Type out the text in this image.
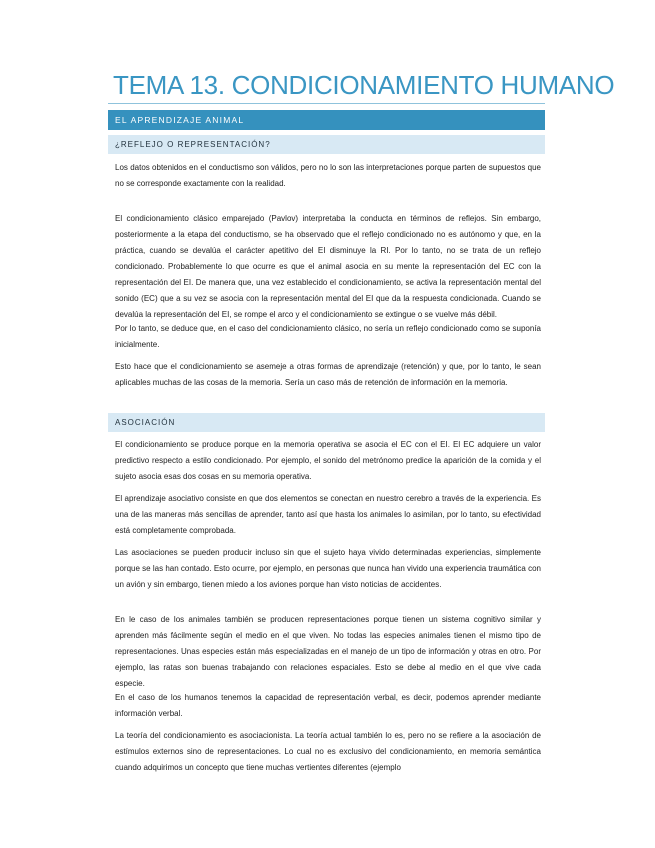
TEMA 13. CONDICIONAMIENTO HUMANO
EL APRENDIZAJE ANIMAL
¿REFLEJO O REPRESENTACIÓN?

Los datos obtenidos en el conductismo son válidos, pero no lo son las interpretaciones porque parten de supuestos que no se corresponde exactamente con la realidad.

El condicionamiento clásico emparejado (Pavlov) interpretaba la conducta en términos de reflejos. Sin embargo, posteriormente a la etapa del conductismo, se ha observado que el reflejo condicionado no es autónomo y que, en la práctica, cuando se devalúa el carácter apetitivo del EI disminuye la RI. Por lo tanto, no se trata de un reflejo condicionado. Probablemente lo que ocurre es que el animal asocia en su mente la representación del EC con la representación del EI. De manera que, una vez establecido el condicionamiento, se activa la representación mental del sonido (EC) que a su vez se asocia con la representación mental del EI que da la respuesta condicionada. Cuando se devalúa la representación del EI, se rompe el arco y el condicionamiento se extingue o se vuelve más débil.

Por lo tanto, se deduce que, en el caso del condicionamiento clásico, no sería un reflejo condicionado como se suponía inicialmente.

Esto hace que el condicionamiento se asemeje a otras formas de aprendizaje (retención) y que, por lo tanto, le sean aplicables muchas de las cosas de la memoria. Sería un caso más de retención de información en la memoria.

ASOCIACIÓN

El condicionamiento se produce porque en la memoria operativa se asocia el EC con el EI. El EC adquiere un valor predictivo respecto a estilo condicionado. Por ejemplo, el sonido del metrónomo predice la aparición de la comida y el sujeto asocia esas dos cosas en su memoria operativa.

El aprendizaje asociativo consiste en que dos elementos se conectan en nuestro cerebro a través de la experiencia. Es una de las maneras más sencillas de aprender, tanto así que hasta los animales lo asimilan, por lo tanto, su efectividad está completamente comprobada.

Las asociaciones se pueden producir incluso sin que el sujeto haya vivido determinadas experiencias, simplemente porque se las han contado. Esto ocurre, por ejemplo, en personas que nunca han vivido una experiencia traumática con un avión y sin embargo, tienen miedo a los aviones porque han visto noticias de accidentes.

En le caso de los animales también se producen representaciones porque tienen un sistema cognitivo similar y aprenden más fácilmente según el medio en el que viven. No todas las especies animales tienen el mismo tipo de representaciones. Unas especies están más especializadas en el manejo de un tipo de información y otras en otro. Por ejemplo, las ratas son buenas trabajando con relaciones espaciales. Esto se debe al medio en el que vive cada especie.

En el caso de los humanos tenemos la capacidad de representación verbal, es decir, podemos aprender mediante información verbal.

La teoría del condicionamiento es asociacionista. La teoría actual también lo es, pero no se refiere a la asociación de estímulos externos sino de representaciones. Lo cual no es exclusivo del condicionamiento, en memoria semántica cuando adquirimos un concepto que tiene muchas vertientes diferentes (ejemplo
